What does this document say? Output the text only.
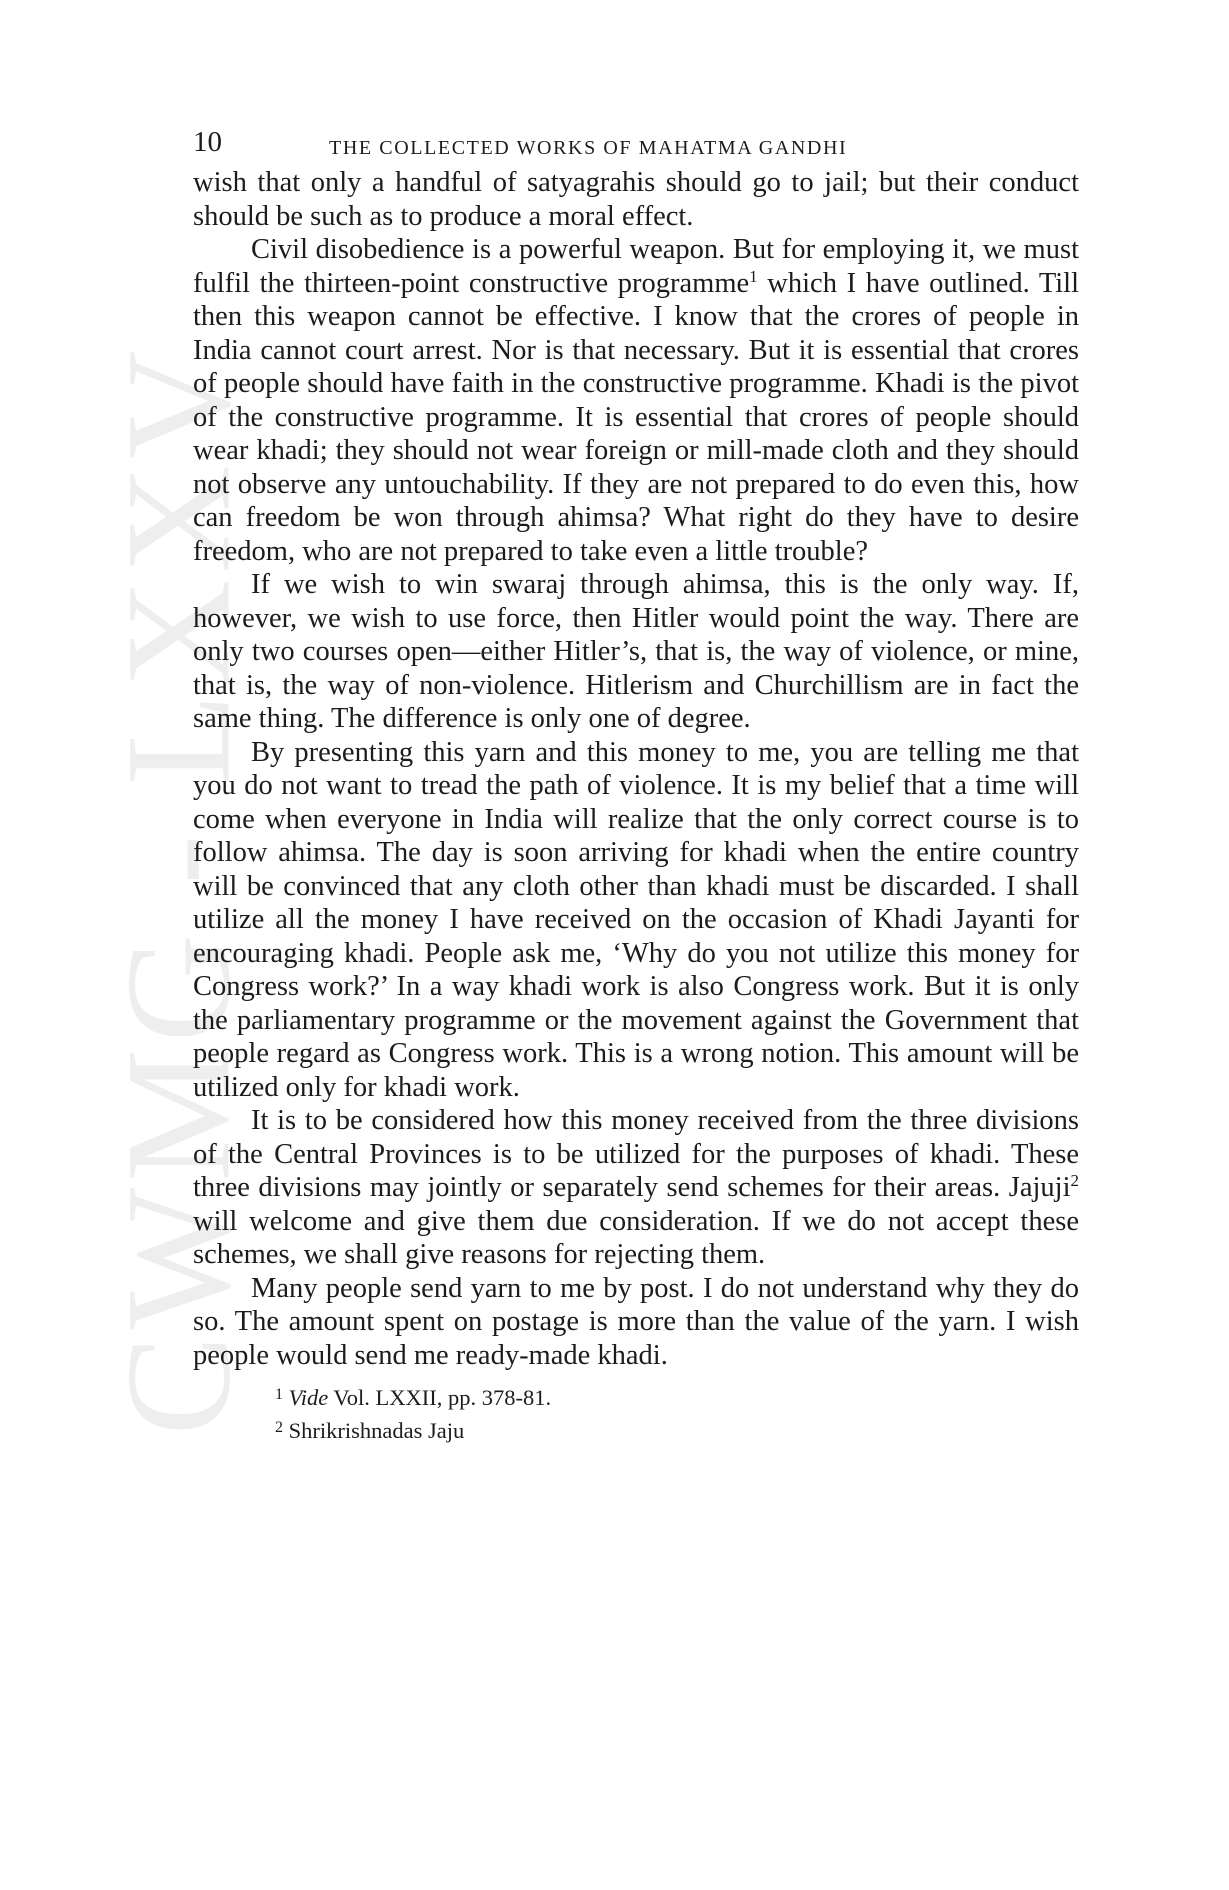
CWMG - LXXV
10	THE COLLECTED WORKS OF MAHATMA GANDHI

wish that only a handful of satyagrahis should go to jail; but their conduct should be such as to produce a moral effect.

Civil disobedience is a powerful weapon. But for employing it, we must fulfil the thirteen-point constructive programme$^1$ which I have outlined. Till then this weapon cannot be effective. I know that the crores of people in India cannot court arrest. Nor is that necessary. But it is essential that crores of people should have faith in the constructive programme. Khadi is the pivot of the constructive programme. It is essential that crores of people should wear khadi; they should not wear foreign or mill-made cloth and they should not observe any untouchability. If they are not prepared to do even this, how can freedom be won through ahimsa? What right do they have to desire freedom, who are not prepared to take even a little trouble?

If we wish to win swaraj through ahimsa, this is the only way. If, however, we wish to use force, then Hitler would point the way. There are only two courses open—either Hitler’s, that is, the way of violence, or mine, that is, the way of non-violence. Hitlerism and Churchillism are in fact the same thing. The difference is only one of degree.

By presenting this yarn and this money to me, you are telling me that you do not want to tread the path of violence. It is my belief that a time will come when everyone in India will realize that the only correct course is to follow ahimsa. The day is soon arriving for khadi when the entire country will be convinced that any cloth other than khadi must be discarded. I shall utilize all the money I have received on the occasion of Khadi Jayanti for encouraging khadi. People ask me, ‘Why do you not utilize this money for Congress work?’ In a way khadi work is also Congress work. But it is only the parliamentary programme or the movement against the Government that people regard as Congress work. This is a wrong notion. This amount will be utilized only for khadi work.

It is to be considered how this money received from the three divisions of the Central Provinces is to be utilized for the purposes of khadi. These three divisions may jointly or separately send schemes for their areas. Jajuji$^2$ will welcome and give them due consideration. If we do not accept these schemes, we shall give reasons for rejecting them.

Many people send yarn to me by post. I do not understand why they do so. The amount spent on postage is more than the value of the yarn. I wish people would send me ready-made khadi.

$^1$ Vide Vol. LXXII, pp. 378-81.

$^2$ Shrikrishnadas Jaju
